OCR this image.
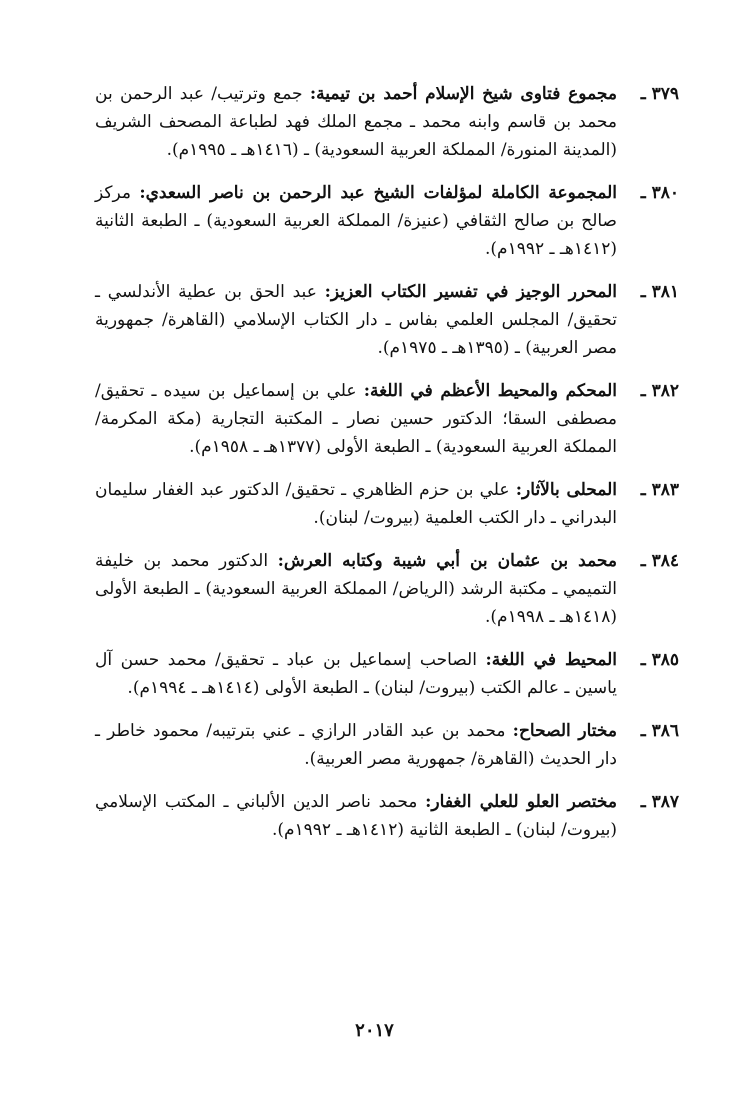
٣٧٩ ـ

مجموع فتاوى شيخ الإسلام أحمد بن تيمية: جمع وترتيب/ عبد الرحمن بن محمد بن قاسم وابنه محمد ـ مجمع الملك فهد لطباعة المصحف الشريف (المدينة المنورة/ المملكة العربية السعودية) ـ (١٤١٦هـ ـ ١٩٩٥م).

٣٨٠ ـ

المجموعة الكاملة لمؤلفات الشيخ عبد الرحمن بن ناصر السعدي: مركز صالح بن صالح الثقافي (عنيزة/ المملكة العربية السعودية) ـ الطبعة الثانية (١٤١٢هـ ـ ١٩٩٢م).

٣٨١ ـ

المحرر الوجيز في تفسير الكتاب العزيز: عبد الحق بن عطية الأندلسي ـ تحقيق/ المجلس العلمي بفاس ـ دار الكتاب الإسلامي (القاهرة/ جمهورية مصر العربية) ـ (١٣٩٥هـ ـ ١٩٧٥م).

٣٨٢ ـ

المحكم والمحيط الأعظم في اللغة: علي بن إسماعيل بن سيده ـ تحقيق/ مصطفى السقا؛ الدكتور حسين نصار ـ المكتبة التجارية (مكة المكرمة/ المملكة العربية السعودية) ـ الطبعة الأولى (١٣٧٧هـ ـ ١٩٥٨م).

٣٨٣ ـ

المحلى بالآثار: علي بن حزم الظاهري ـ تحقيق/ الدكتور عبد الغفار سليمان البدراني ـ دار الكتب العلمية (بيروت/ لبنان).

٣٨٤ ـ

محمد بن عثمان بن أبي شيبة وكتابه العرش: الدكتور محمد بن خليفة التميمي ـ مكتبة الرشد (الرياض/ المملكة العربية السعودية) ـ الطبعة الأولى (١٤١٨هـ ـ ١٩٩٨م).

٣٨٥ ـ

المحيط في اللغة: الصاحب إسماعيل بن عباد ـ تحقيق/ محمد حسن آل ياسين ـ عالم الكتب (بيروت/ لبنان) ـ الطبعة الأولى (١٤١٤هـ ـ ١٩٩٤م).

٣٨٦ ـ

مختار الصحاح: محمد بن عبد القادر الرازي ـ عني بترتيبه/ محمود خاطر ـ دار الحديث (القاهرة/ جمهورية مصر العربية).

٣٨٧ ـ

مختصر العلو للعلي الغفار: محمد ناصر الدين الألباني ـ المكتب الإسلامي (بيروت/ لبنان) ـ الطبعة الثانية (١٤١٢هـ ـ ١٩٩٢م).

٢٠١٧
